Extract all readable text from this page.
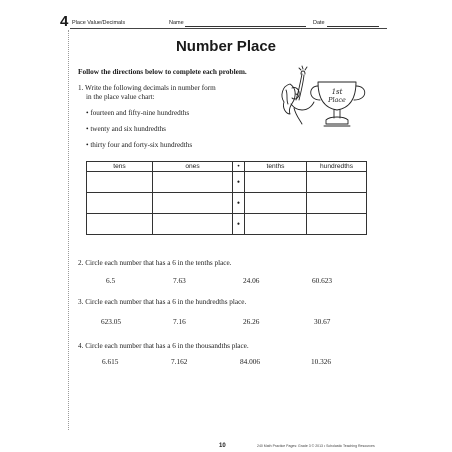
4 Place Value/Decimals	Name	Date
Number Place
Follow the directions below to complete each problem.
1. Write the following decimals in number form
in the place value chart:
• fourteen and fifty-nine hundredths
• twenty and six hundredths
• thirty four and forty-six hundredths
1st
Place
tens	ones	•	tenths	hundredths
		•		
		•		
		•		
2. Circle each number that has a 6 in the tenths place.
6.5	7.63	24.06	60.623
3. Circle each number that has a 6 in the hundredths place.
623.05	7.16	26.26	30.67
4. Circle each number that has a 6 in the thousandths place.
6.615	7.162	84.006	10.326
10	240 Math Practice Pages: Grade 3 © 2013 • Scholastic Teaching Resources
